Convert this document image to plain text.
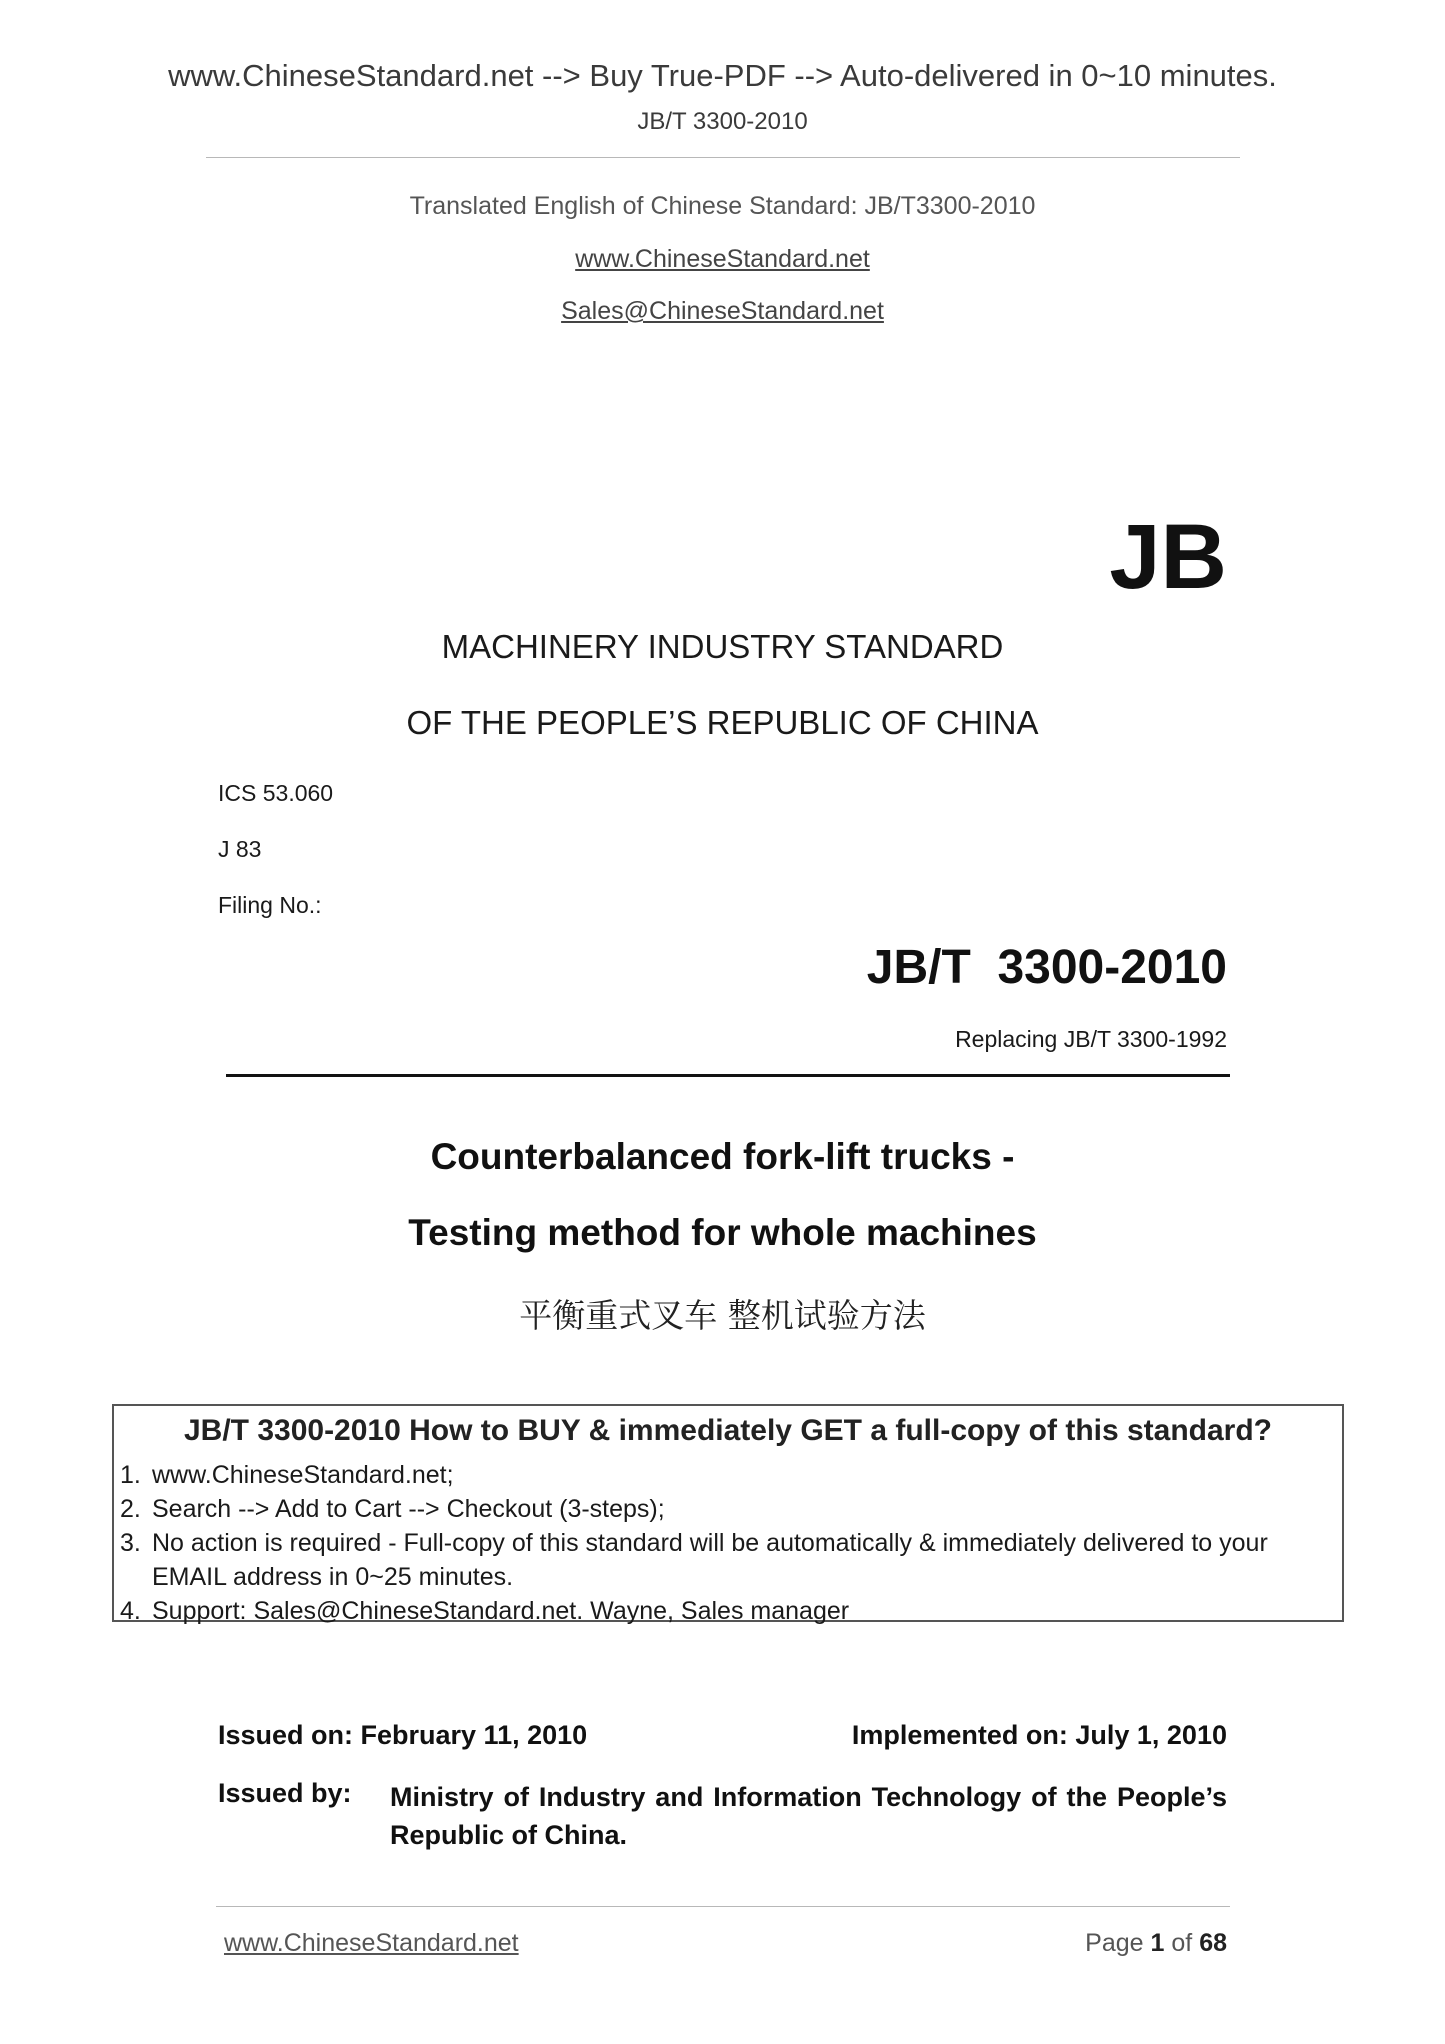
www.ChineseStandard.net --> Buy True-PDF --> Auto-delivered in 0~10 minutes.
JB/T 3300-2010
Translated English of Chinese Standard: JB/T3300-2010
www.ChineseStandard.net
Sales@ChineseStandard.net
JB
MACHINERY INDUSTRY STANDARD
OF THE PEOPLE’S REPUBLIC OF CHINA
ICS 53.060
J 83
Filing No.:
JB/T  3300-2010
Replacing JB/T 3300-1992
Counterbalanced fork-lift trucks -
Testing method for whole machines
平衡重式叉车 整机试验方法
JB/T 3300-2010 How to BUY & immediately GET a full-copy of this standard?
1. www.ChineseStandard.net;
2. Search --> Add to Cart --> Checkout (3-steps);
3. No action is required - Full-copy of this standard will be automatically & immediately delivered to your EMAIL address in 0~25 minutes.
4. Support: Sales@ChineseStandard.net. Wayne, Sales manager
Issued on: February 11, 2010	Implemented on: July 1, 2010
Issued by: Ministry of Industry and Information Technology of the People’s Republic of China.
www.ChineseStandard.net	Page 1 of 68
